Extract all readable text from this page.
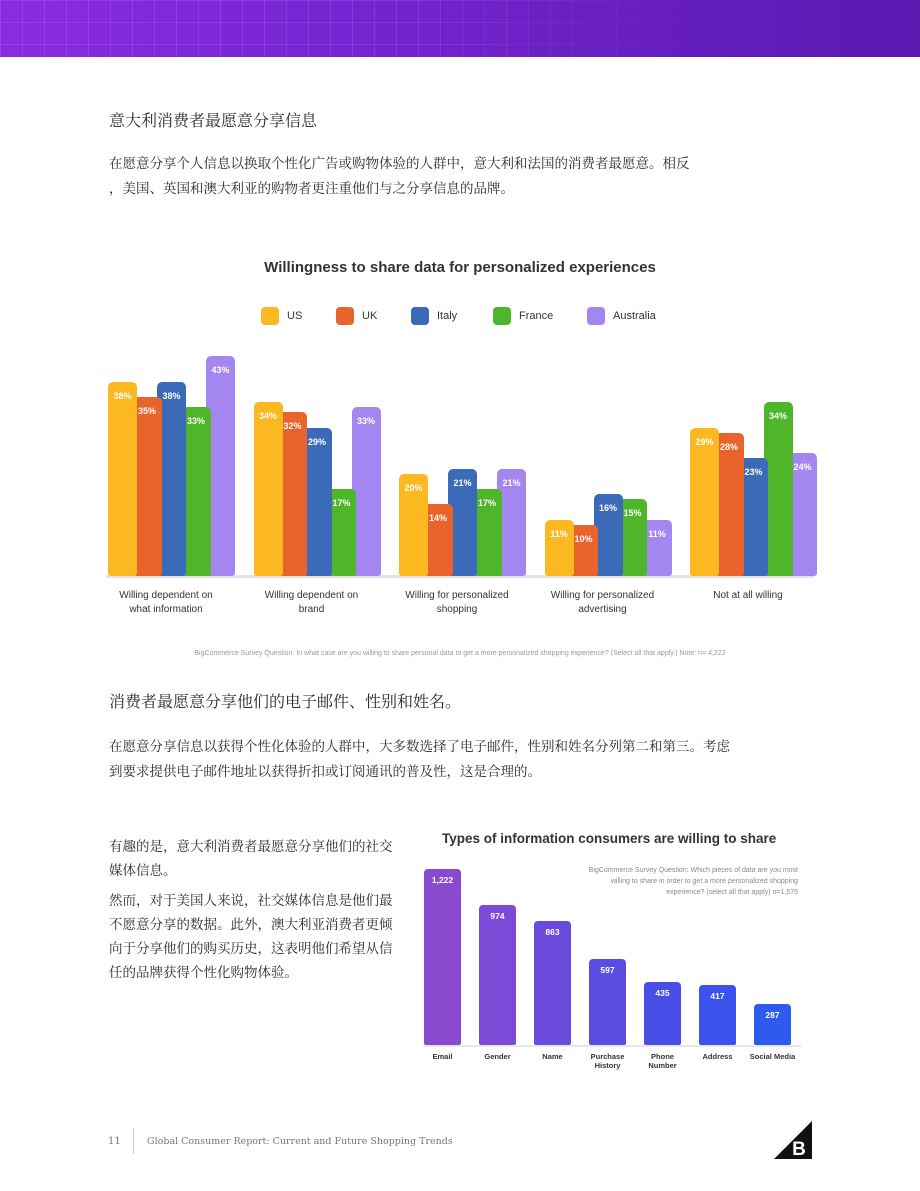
意大利消费者最愿意分享信息
在愿意分享个人信息以换取个性化广告或购物体验的人群中，意大利和法国的消费者最愿意。相反
，美国、英国和澳大利亚的购物者更注重他们与之分享信息的品牌。
Willingness to share data for personalized experiences
US	UK	Italy	France	Australia
38%
35%
38%
33%
43%
34%
32%
29%
17%
33%
20%
14%
21%
17%
21%
11%
10%
16%
15%
11%
29%
28%
23%
34%
24%
Willing dependent on
what information
Willing dependent on
brand
Willing for personalized
shopping
Willing for personalized
advertising
Not at all willing
BigCommerce Survey Question: In what case are you willing to share personal data to get a more personalized shopping experience? (Select all that apply.) Note: n= 4,222
消费者最愿意分享他们的电子邮件、性别和姓名。
在愿意分享信息以获得个性化体验的人群中，大多数选择了电子邮件，性别和姓名分列第二和第三。考虑
到要求提供电子邮件地址以获得折扣或订阅通讯的普及性，这是合理的。

有趣的是，意大利消费者最愿意分享他们的社交媒体信息。

然而，对于美国人来说，社交媒体信息是他们最不愿意分享的数据。此外，澳大利亚消费者更倾向于分享他们的购买历史，这表明他们希望从信任的品牌获得个性化购物体验。

Types of information consumers are willing to share
1,222
974
863
597
435	417
287
BigCommerce Survey Question: Which pieces of data are you most
willing to share in order to get a more personalized shopping
experience? (select all that apply) n=1,575
Email	Gender	Name	Purchase
History
Phone
Number
Address	Social Media
11	Global Consumer Report: Current and Future Shopping Trends	B
